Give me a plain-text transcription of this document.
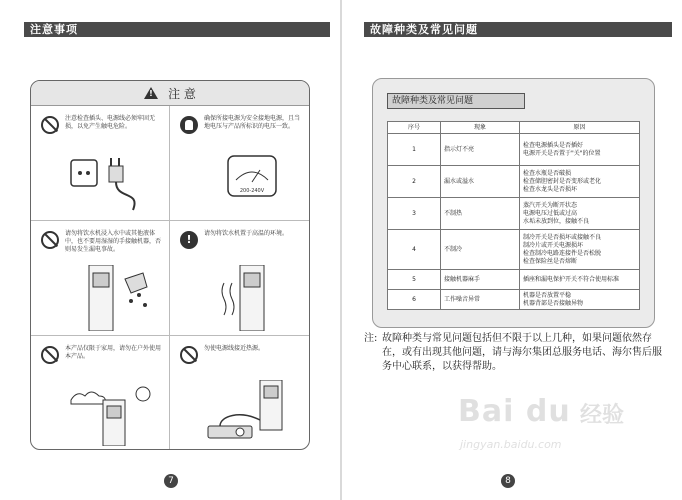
注意事项
! 注 意
注意检查插头、电源线必须牢固无损，以免产生触电危险。
确保所接电源为安全接地电源，且当地电压与产品所标识的电压一致。
200-240V
请勿将饮水机浸入水中或其他液体中，也不要用湿湿的手接触机器，否则易发生漏电事故。
!	请勿将饮水机置于高温的环境。
本产品仅限于家用，请勿在户外使用本产品。
勿使电源线接近热源。
7
故障种类及常见问题
故障种类及常见问题
序号	现象	原因
1	指示灯不亮	检查电源插头是否插好
电源开关是否置于"关"的位置

2	漏水或溢水	检查水瓶是否破损
检查储胆密封是否变形或老化
检查水龙头是否损坏

3	不制热	蒸汽开关为断开状态
电源电压过低或过高
水垢未放到位，接触不良

4	不制冷	制冷开关是否损坏或接触不良
制冷片或开关电源损坏
检查制冷电路连接件是否松脱
检查保险丝是否熔断

5	接触机器麻手	插座和漏电保护开关不符合使用标准

6	工作噪音异常	机器是否放置平稳
机器背部是否接触异物
注: 故障种类与常见问题包括但不限于以上几种，如果问题依然存在，或有出现其他问题，请与海尔集团总服务电话、海尔售后服务中心联系，以获得帮助。
Bai du 经验
jingyan.baidu.com
8
